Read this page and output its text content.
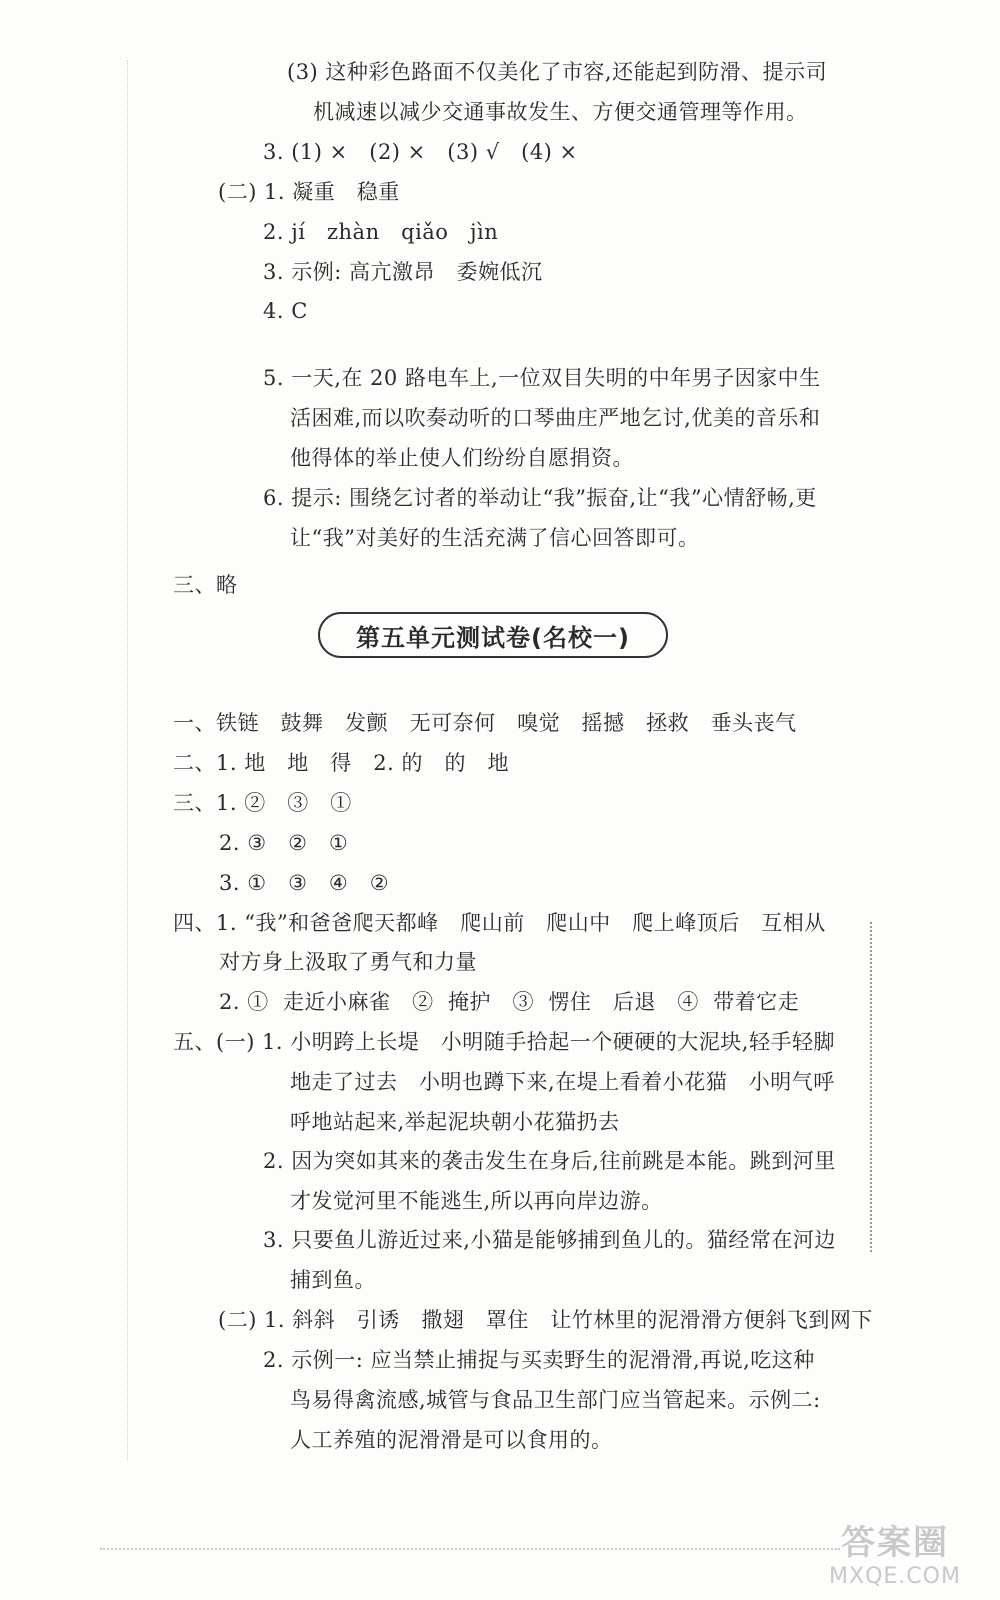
(3) 这种彩色路面不仅美化了市容,还能起到防滑、提示司
机减速以减少交通事故发生、方便交通管理等作用。
3. (1) ×   (2) ×   (3) √   (4) ×
(二) 1. 凝重   稳重
2. jí   zhàn   qiǎo   jìn
3. 示例: 高亢激昂   委婉低沉
4. C
5. 一天,在 20 路电车上,一位双目失明的中年男子因家中生
活困难,而以吹奏动听的口琴曲庄严地乞讨,优美的音乐和
他得体的举止使人们纷纷自愿捐资。
6. 提示: 围绕乞讨者的举动让“我”振奋,让“我”心情舒畅,更
让“我”对美好的生活充满了信心回答即可。
三、略
第五单元测试卷(名校一)
一、铁链   鼓舞   发颤   无可奈何   嗅觉   摇撼   拯救   垂头丧气
二、1. 地   地   得   2. 的   的   地
三、1. ②   ③   ①
2. ③   ②   ①
3. ①   ③   ④   ②
四、1. “我”和爸爸爬天都峰   爬山前   爬山中   爬上峰顶后   互相从
对方身上汲取了勇气和力量
2. ①  走近小麻雀   ②  掩护   ③  愣住   后退   ④  带着它走
五、(一) 1. 小明跨上长堤   小明随手拾起一个硬硬的大泥块,轻手轻脚
地走了过去   小明也蹲下来,在堤上看着小花猫   小明气呼
呼地站起来,举起泥块朝小花猫扔去
2. 因为突如其来的袭击发生在身后,往前跳是本能。跳到河里
才发觉河里不能逃生,所以再向岸边游。
3. 只要鱼儿游近过来,小猫是能够捕到鱼儿的。猫经常在河边
捕到鱼。
(二) 1. 斜斜   引诱   撒翅   罩住   让竹林里的泥滑滑方便斜飞到网下
2. 示例一: 应当禁止捕捉与买卖野生的泥滑滑,再说,吃这种
鸟易得禽流感,城管与食品卫生部门应当管起来。示例二:
人工养殖的泥滑滑是可以食用的。
答案圈
MXQE.COM
